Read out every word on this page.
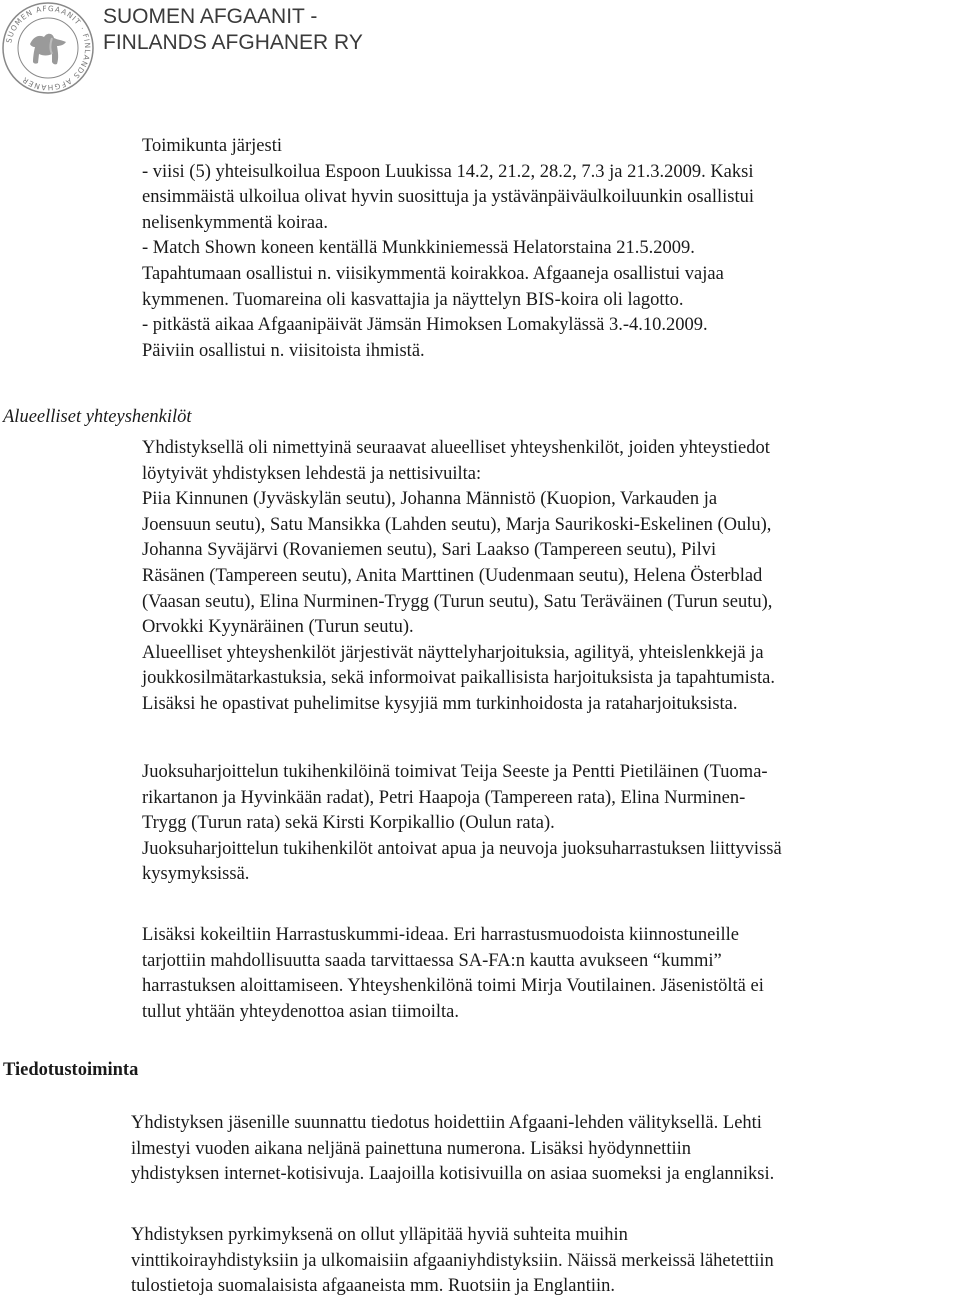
SUOMEN AFGAANIT · FINLANDS AFGHANER
SUOMEN AFGAANIT -
FINLANDS AFGHANER RY
Toimikunta järjesti
- viisi (5) yhteisulkoilua Espoon Luukissa 14.2, 21.2, 28.2, 7.3 ja 21.3.2009. Kaksi
ensimmäistä ulkoilua olivat hyvin suosittuja ja ystävänpäiväulkoiluunkin osallistui
nelisenkymmentä koiraa.
- Match Shown koneen kentällä Munkkiniemessä Helatorstaina 21.5.2009.
Tapahtumaan osallistui n. viisikymmentä koirakkoa. Afgaaneja osallistui vajaa
kymmenen. Tuomareina oli kasvattajia ja näyttelyn BIS-koira oli lagotto.
- pitkästä aikaa Afgaanipäivät Jämsän Himoksen Lomakylässä 3.-4.10.2009.
Päiviin osallistui n. viisitoista ihmistä.
Alueelliset yhteyshenkilöt
Yhdistyksellä oli nimettyinä seuraavat alueelliset yhteyshenkilöt, joiden yhteystiedot
löytyivät yhdistyksen lehdestä ja nettisivuilta:
Piia Kinnunen (Jyväskylän seutu), Johanna Männistö (Kuopion, Varkauden ja
Joensuun seutu), Satu Mansikka (Lahden seutu), Marja Saurikoski-Eskelinen (Oulu),
Johanna Syväjärvi (Rovaniemen seutu), Sari Laakso (Tampereen seutu), Pilvi
Räsänen (Tampereen seutu), Anita Marttinen (Uudenmaan seutu), Helena Österblad
(Vaasan seutu), Elina Nurminen-Trygg (Turun seutu), Satu Teräväinen (Turun seutu),
Orvokki Kyynäräinen (Turun seutu).
Alueelliset yhteyshenkilöt järjestivät näyttelyharjoituksia, agilityä, yhteislenkkejä ja
joukkosilmätarkastuksia, sekä informoivat paikallisista harjoituksista ja tapahtumista.
Lisäksi he opastivat puhelimitse kysyjiä mm turkinhoidosta ja rataharjoituksista.
Juoksuharjoittelun tukihenkilöinä toimivat Teija Seeste ja Pentti Pietiläinen (Tuoma-
rikartanon ja Hyvinkään radat), Petri Haapoja (Tampereen rata), Elina Nurminen-
Trygg (Turun rata) sekä Kirsti Korpikallio (Oulun rata).
Juoksuharjoittelun tukihenkilöt antoivat apua ja neuvoja juoksuharrastuksen liittyvissä
kysymyksissä.
Lisäksi kokeiltiin Harrastuskummi-ideaa. Eri harrastusmuodoista kiinnostuneille
tarjottiin mahdollisuutta saada tarvittaessa SA-FA:n kautta avukseen “kummi”
harrastuksen aloittamiseen. Yhteyshenkilönä toimi Mirja Voutilainen. Jäsenistöltä ei
tullut yhtään yhteydenottoa asian tiimoilta.
Tiedotustoiminta
Yhdistyksen jäsenille suunnattu tiedotus hoidettiin Afgaani-lehden välityksellä. Lehti
ilmestyi vuoden aikana neljänä painettuna numerona. Lisäksi hyödynnettiin
yhdistyksen internet-kotisivuja. Laajoilla kotisivuilla on asiaa suomeksi ja englanniksi.
Yhdistyksen pyrkimyksenä on ollut ylläpitää hyviä suhteita muihin
vinttikoirayhdistyksiin ja ulkomaisiin afgaaniyhdistyksiin. Näissä merkeissä lähetettiin
tulostietoja suomalaisista afgaaneista mm. Ruotsiin ja Englantiin.
